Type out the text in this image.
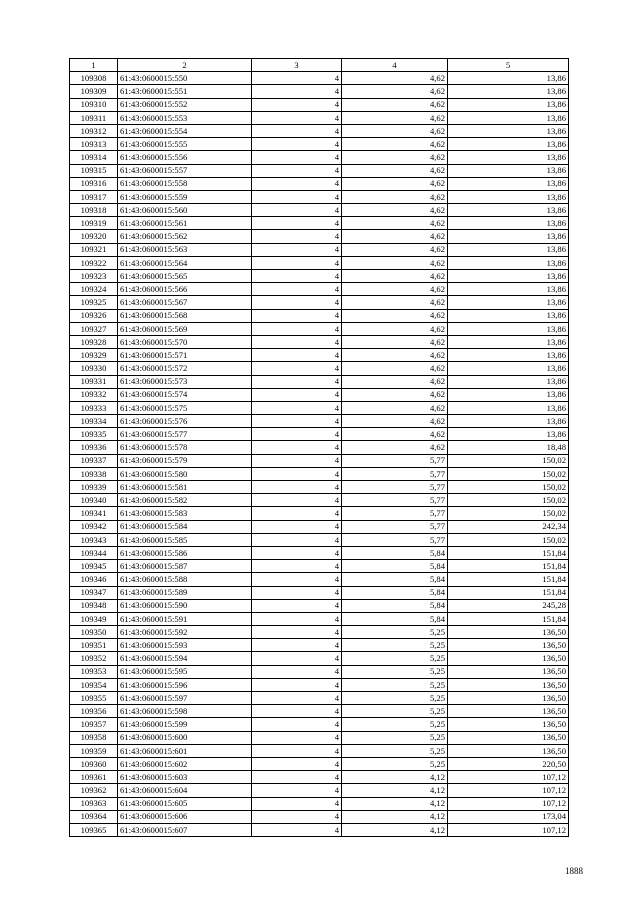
1	2	3	4	5
109308	61:43:0600015:550	4	4,62	13,86
109309	61:43:0600015:551	4	4,62	13,86
109310	61:43:0600015:552	4	4,62	13,86
109311	61:43:0600015:553	4	4,62	13,86
109312	61:43:0600015:554	4	4,62	13,86
109313	61:43:0600015:555	4	4,62	13,86
109314	61:43:0600015:556	4	4,62	13,86
109315	61:43:0600015:557	4	4,62	13,86
109316	61:43:0600015:558	4	4,62	13,86
109317	61:43:0600015:559	4	4,62	13,86
109318	61:43:0600015:560	4	4,62	13,86
109319	61:43:0600015:561	4	4,62	13,86
109320	61:43:0600015:562	4	4,62	13,86
109321	61:43:0600015:563	4	4,62	13,86
109322	61:43:0600015:564	4	4,62	13,86
109323	61:43:0600015:565	4	4,62	13,86
109324	61:43:0600015:566	4	4,62	13,86
109325	61:43:0600015:567	4	4,62	13,86
109326	61:43:0600015:568	4	4,62	13,86
109327	61:43:0600015:569	4	4,62	13,86
109328	61:43:0600015:570	4	4,62	13,86
109329	61:43:0600015:571	4	4,62	13,86
109330	61:43:0600015:572	4	4,62	13,86
109331	61:43:0600015:573	4	4,62	13,86
109332	61:43:0600015:574	4	4,62	13,86
109333	61:43:0600015:575	4	4,62	13,86
109334	61:43:0600015:576	4	4,62	13,86
109335	61:43:0600015:577	4	4,62	13,86
109336	61:43:0600015:578	4	4,62	18,48
109337	61:43:0600015:579	4	5,77	150,02
109338	61:43:0600015:580	4	5,77	150,02
109339	61:43:0600015:581	4	5,77	150,02
109340	61:43:0600015:582	4	5,77	150,02
109341	61:43:0600015:583	4	5,77	150,02
109342	61:43:0600015:584	4	5,77	242,34
109343	61:43:0600015:585	4	5,77	150,02
109344	61:43:0600015:586	4	5,84	151,84
109345	61:43:0600015:587	4	5,84	151,84
109346	61:43:0600015:588	4	5,84	151,84
109347	61:43:0600015:589	4	5,84	151,84
109348	61:43:0600015:590	4	5,84	245,28
109349	61:43:0600015:591	4	5,84	151,84
109350	61:43:0600015:592	4	5,25	136,50
109351	61:43:0600015:593	4	5,25	136,50
109352	61:43:0600015:594	4	5,25	136,50
109353	61:43:0600015:595	4	5,25	136,50
109354	61:43:0600015:596	4	5,25	136,50
109355	61:43:0600015:597	4	5,25	136,50
109356	61:43:0600015:598	4	5,25	136,50
109357	61:43:0600015:599	4	5,25	136,50
109358	61:43:0600015:600	4	5,25	136,50
109359	61:43:0600015:601	4	5,25	136,50
109360	61:43:0600015:602	4	5,25	220,50
109361	61:43:0600015:603	4	4,12	107,12
109362	61:43:0600015:604	4	4,12	107,12
109363	61:43:0600015:605	4	4,12	107,12
109364	61:43:0600015:606	4	4,12	173,04
109365	61:43:0600015:607	4	4,12	107,12
1888
